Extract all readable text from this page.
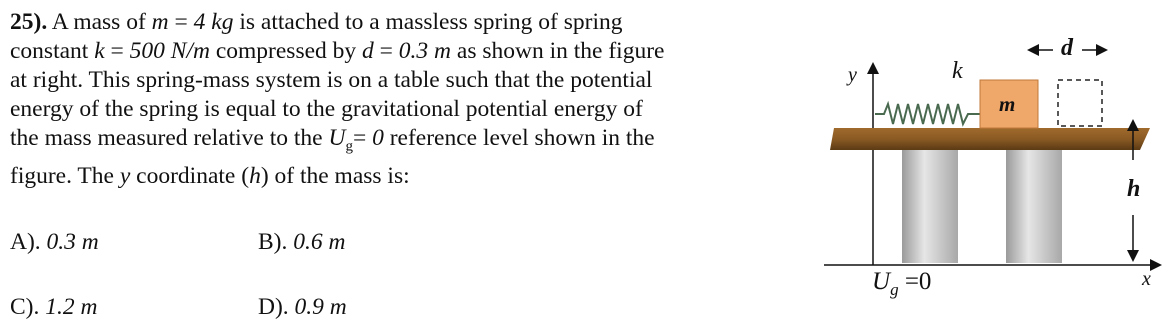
25). A mass of m = 4 kg is attached to a massless spring of spring

constant k = 500 N/m compressed by d = 0.3 m as shown in the figure

at right. This spring-mass system is on a table such that the potential

energy of the spring is equal to the gravitational potential energy of

the mass measured relative to the $U_g= 0$ reference level shown in the

figure. The y coordinate (h) of the mass is:

A). 0.3 m	B). 0.6 m
C). 1.2 m	D). 0.9 m
y
x
k
m
d
h
$U_g =0$
